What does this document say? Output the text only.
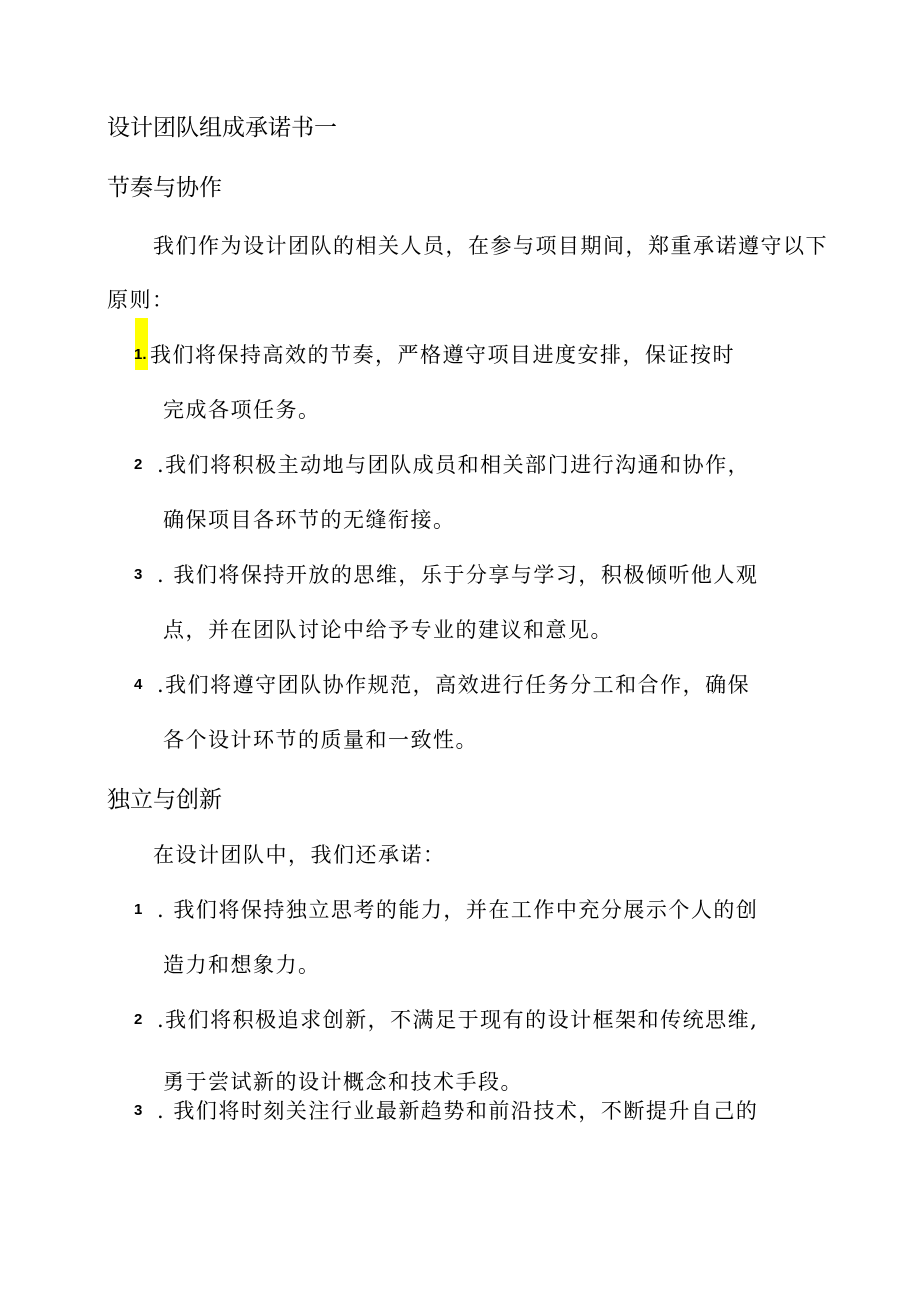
设计团队组成承诺书一
节奏与协作
我们作为设计团队的相关人员，在参与项目期间，郑重承诺遵守以下
原则：
1. 我们将保持高效的节奏，严格遵守项目进度安排，保证按时
完成各项任务。
2 .我们将积极主动地与团队成员和相关部门进行沟通和协作，
确保项目各环节的无缝衔接。
3 . 我们将保持开放的思维，乐于分享与学习，积极倾听他人观
点，并在团队讨论中给予专业的建议和意见。
4 .我们将遵守团队协作规范，高效进行任务分工和合作，确保
各个设计环节的质量和一致性。
独立与创新
在设计团队中，我们还承诺：
1 . 我们将保持独立思考的能力，并在工作中充分展示个人的创
造力和想象力。
2 .我们将积极追求创新，不满足于现有的设计框架和传统思维,
勇于尝试新的设计概念和技术手段。
3 . 我们将时刻关注行业最新趋势和前沿技术，不断提升自己的
